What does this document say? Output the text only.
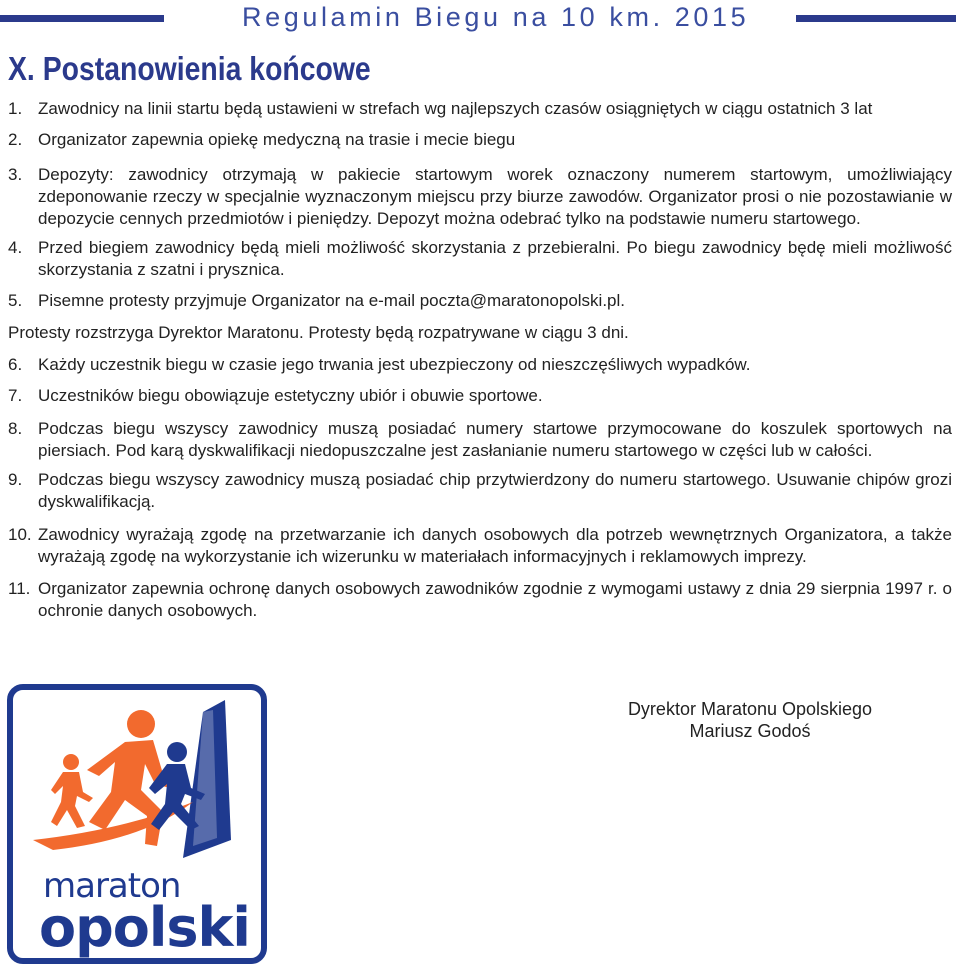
Regulamin Biegu na 10 km. 2015
X. Postanowienia końcowe
1. Zawodnicy na linii startu będą ustawieni w strefach wg najlepszych czasów osiągniętych w ciągu ostatnich 3 lat
2. Organizator zapewnia opiekę medyczną na trasie i mecie biegu
3. Depozyty: zawodnicy otrzymają w pakiecie startowym worek oznaczony numerem startowym, umożliwiający zdeponowanie rzeczy w specjalnie wyznaczonym miejscu przy biurze zawodów. Organizator prosi o nie pozostawianie w depozycie cennych przedmiotów i pieniędzy. Depozyt można odebrać tylko na podstawie numeru startowego.
4. Przed biegiem zawodnicy będą mieli możliwość skorzystania z przebieralni. Po biegu zawodnicy będę mieli możliwość skorzystania z szatni i prysznica.
5. Pisemne protesty przyjmuje Organizator na e-mail poczta@maratonopolski.pl.
6. Każdy uczestnik biegu w czasie jego trwania jest ubezpieczony od nieszczęśliwych wypadków.
7. Uczestników biegu obowiązuje estetyczny ubiór i obuwie sportowe.
8. Podczas biegu wszyscy zawodnicy muszą posiadać numery startowe przymocowane do koszulek sportowych na piersiach. Pod karą dyskwalifikacji niedopuszczalne jest zasłanianie numeru startowego w części lub w całości.
9. Podczas biegu wszyscy zawodnicy muszą posiadać chip przytwierdzony do numeru startowego. Usuwanie chipów grozi dyskwalifikacją.
10. Zawodnicy wyrażają zgodę na przetwarzanie ich danych osobowych dla potrzeb wewnętrznych Organizatora, a także wyrażają zgodę na wykorzystanie ich wizerunku w materiałach informacyjnych i reklamowych imprezy.
11. Organizator zapewnia ochronę danych osobowych zawodników zgodnie z wymogami ustawy z dnia 29 sierpnia 1997 r. o ochronie danych osobowych.
Protesty rozstrzyga Dyrektor Maratonu. Protesty będą rozpatrywane w ciągu 3 dni.
maraton
opolski
Dyrektor Maratonu Opolskiego
Mariusz Godoś
